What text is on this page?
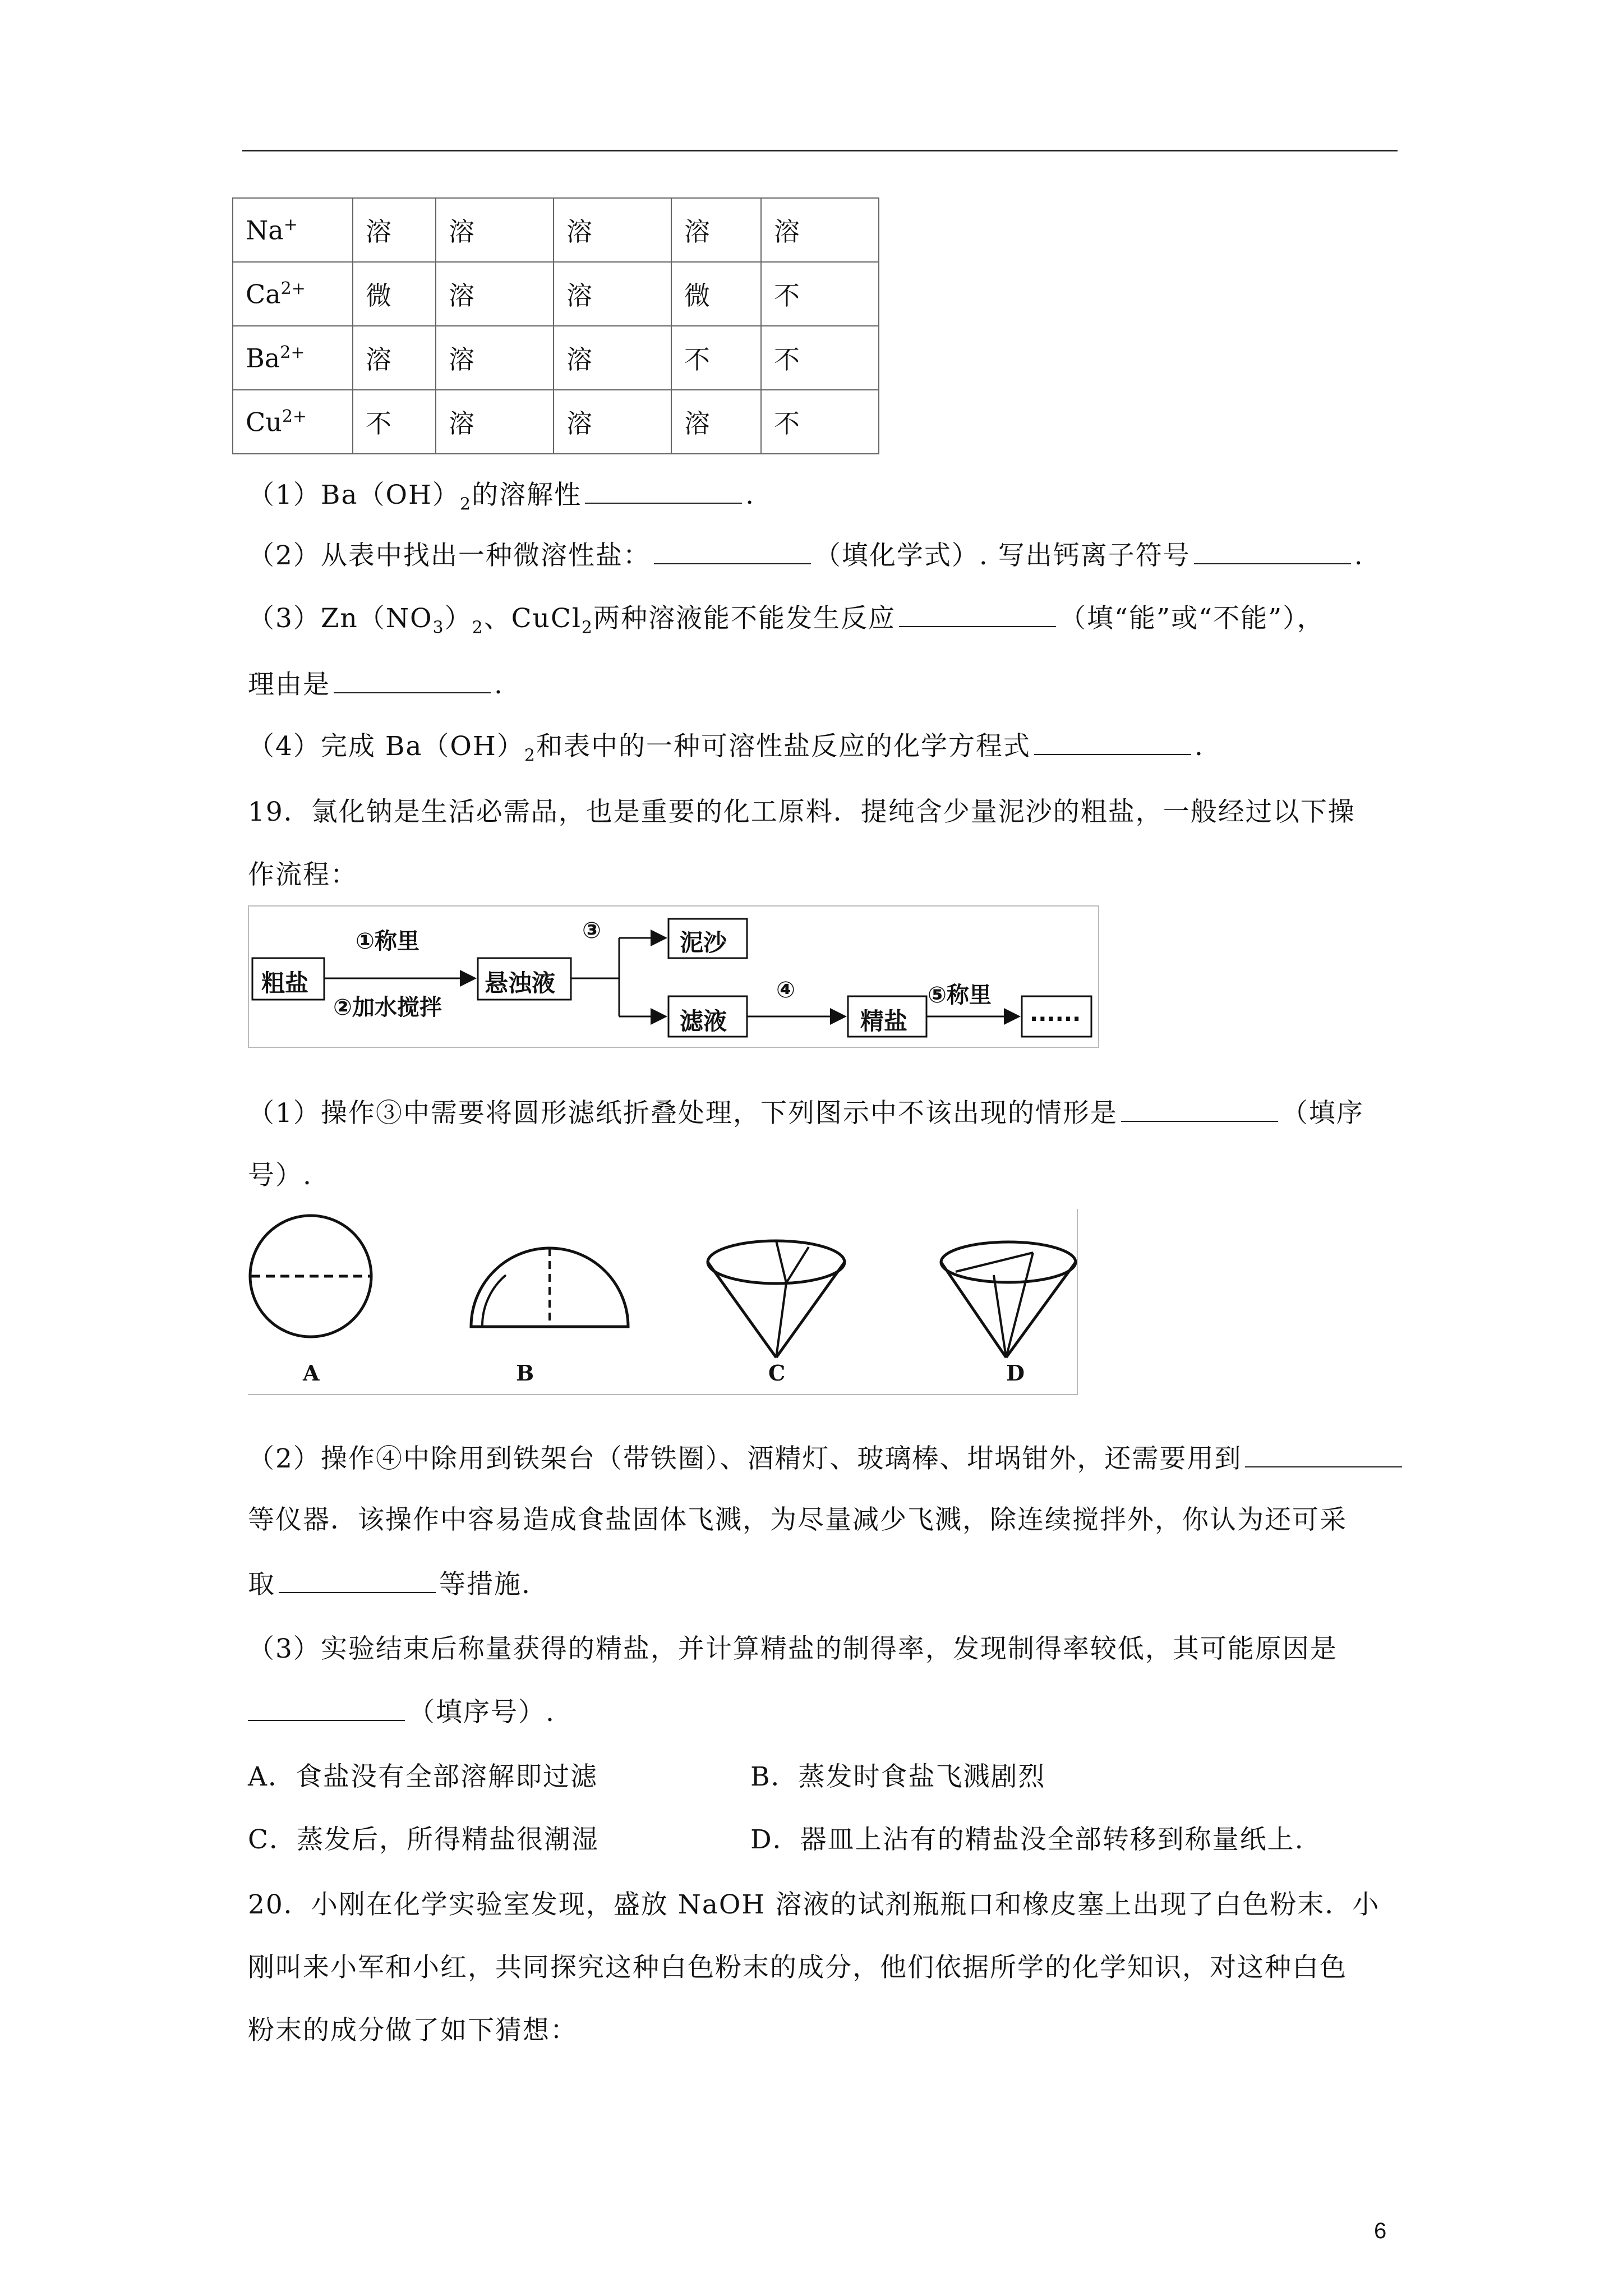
Na+	溶	溶	溶	溶	溶
$Ca^{2+}$	微	溶	溶	微	不
$Ba^{2+}$	溶	溶	溶	不	不
$Cu^{2+}$	不	溶	溶	溶	不
$(1)Ba(OH)_2$的溶解性	.
（2）从表中找出一种微溶性盐：	（填化学式）. 写出钙离子符号	.
$(3)Zn(NO_3)_2$、CuCl$_2$两种溶液能不能发生反应	（填“能”或“不能”），
理由是	.
（4）完成 $Ba(OH)_2$和表中的一种可溶性盐反应的化学方程式	.
19．氯化钠是生活必需品，也是重要的化工原料．提纯含少量泥沙的粗盐，一般经过以下操
作流程：
粗盐
①称里
②加水搅拌
悬浊液
③	泥沙
滤液
④
精盐
⑤称里
......
（1）操作③中需要将圆形滤纸折叠处理，下列图示中不该出现的情形是	（填序
号）.
A	B	C	D
（2）操作④中除用到铁架台（带铁圈）、酒精灯、玻璃棒、坩埚钳外，还需要用到
等仪器．该操作中容易造成食盐固体飞溅，为尽量减少飞溅，除连续搅拌外，你认为还可采
取	等措施.
（3）实验结束后称量获得的精盐，并计算精盐的制得率，发现制得率较低，其可能原因是
（填序号）.
A．食盐没有全部溶解即过滤	B．蒸发时食盐飞溅剧烈
C．蒸发后，所得精盐很潮湿	D．器皿上沾有的精盐没全部转移到称量纸上.
20．小刚在化学实验室发现，盛放 NaOH 溶液的试剂瓶瓶口和橡皮塞上出现了白色粉末．小
刚叫来小军和小红，共同探究这种白色粉末的成分，他们依据所学的化学知识，对这种白色
粉末的成分做了如下猜想：
6
